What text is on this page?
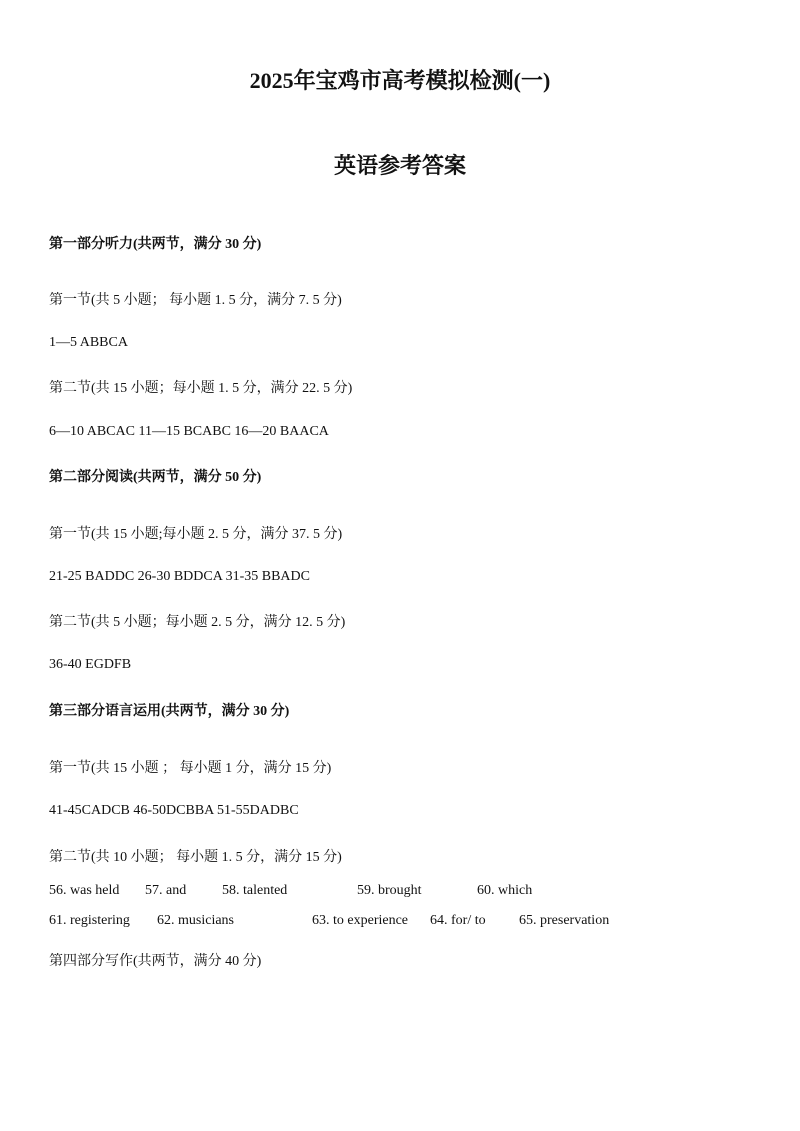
2025年宝鸡市高考模拟检测(一)
英语参考答案
第一部分听力(共两节，满分 30 分)
第一节(共 5 小题； 每小题 1. 5 分，满分 7. 5 分)
1—5 ABBCA
第二节(共 15 小题；每小题 1. 5 分，满分 22. 5 分)
6—10 ABCAC 11—15 BCABC 16—20 BAACA
第二部分阅读(共两节，满分 50 分)
第一节(共 15 小题;每小题 2. 5 分，满分 37. 5 分)
21-25 BADDC 26-30 BDDCA 31-35 BBADC
第二节(共 5 小题；每小题 2. 5 分，满分 12. 5 分)
36-40 EGDFB
第三部分语言运用(共两节，满分 30 分)
第一节(共 15 小题 ； 每小题 1 分，满分 15 分)
41-45CADCB 46-50DCBBA 51-55DADBC
第二节(共 10 小题； 每小题 1. 5 分，满分 15 分)
56. was held 57. and	58. talented	59. brought	60. which
61. registering 62. musicians	63. to experience 64. for/ to 65. preservation
第四部分写作(共两节，满分 40 分)
